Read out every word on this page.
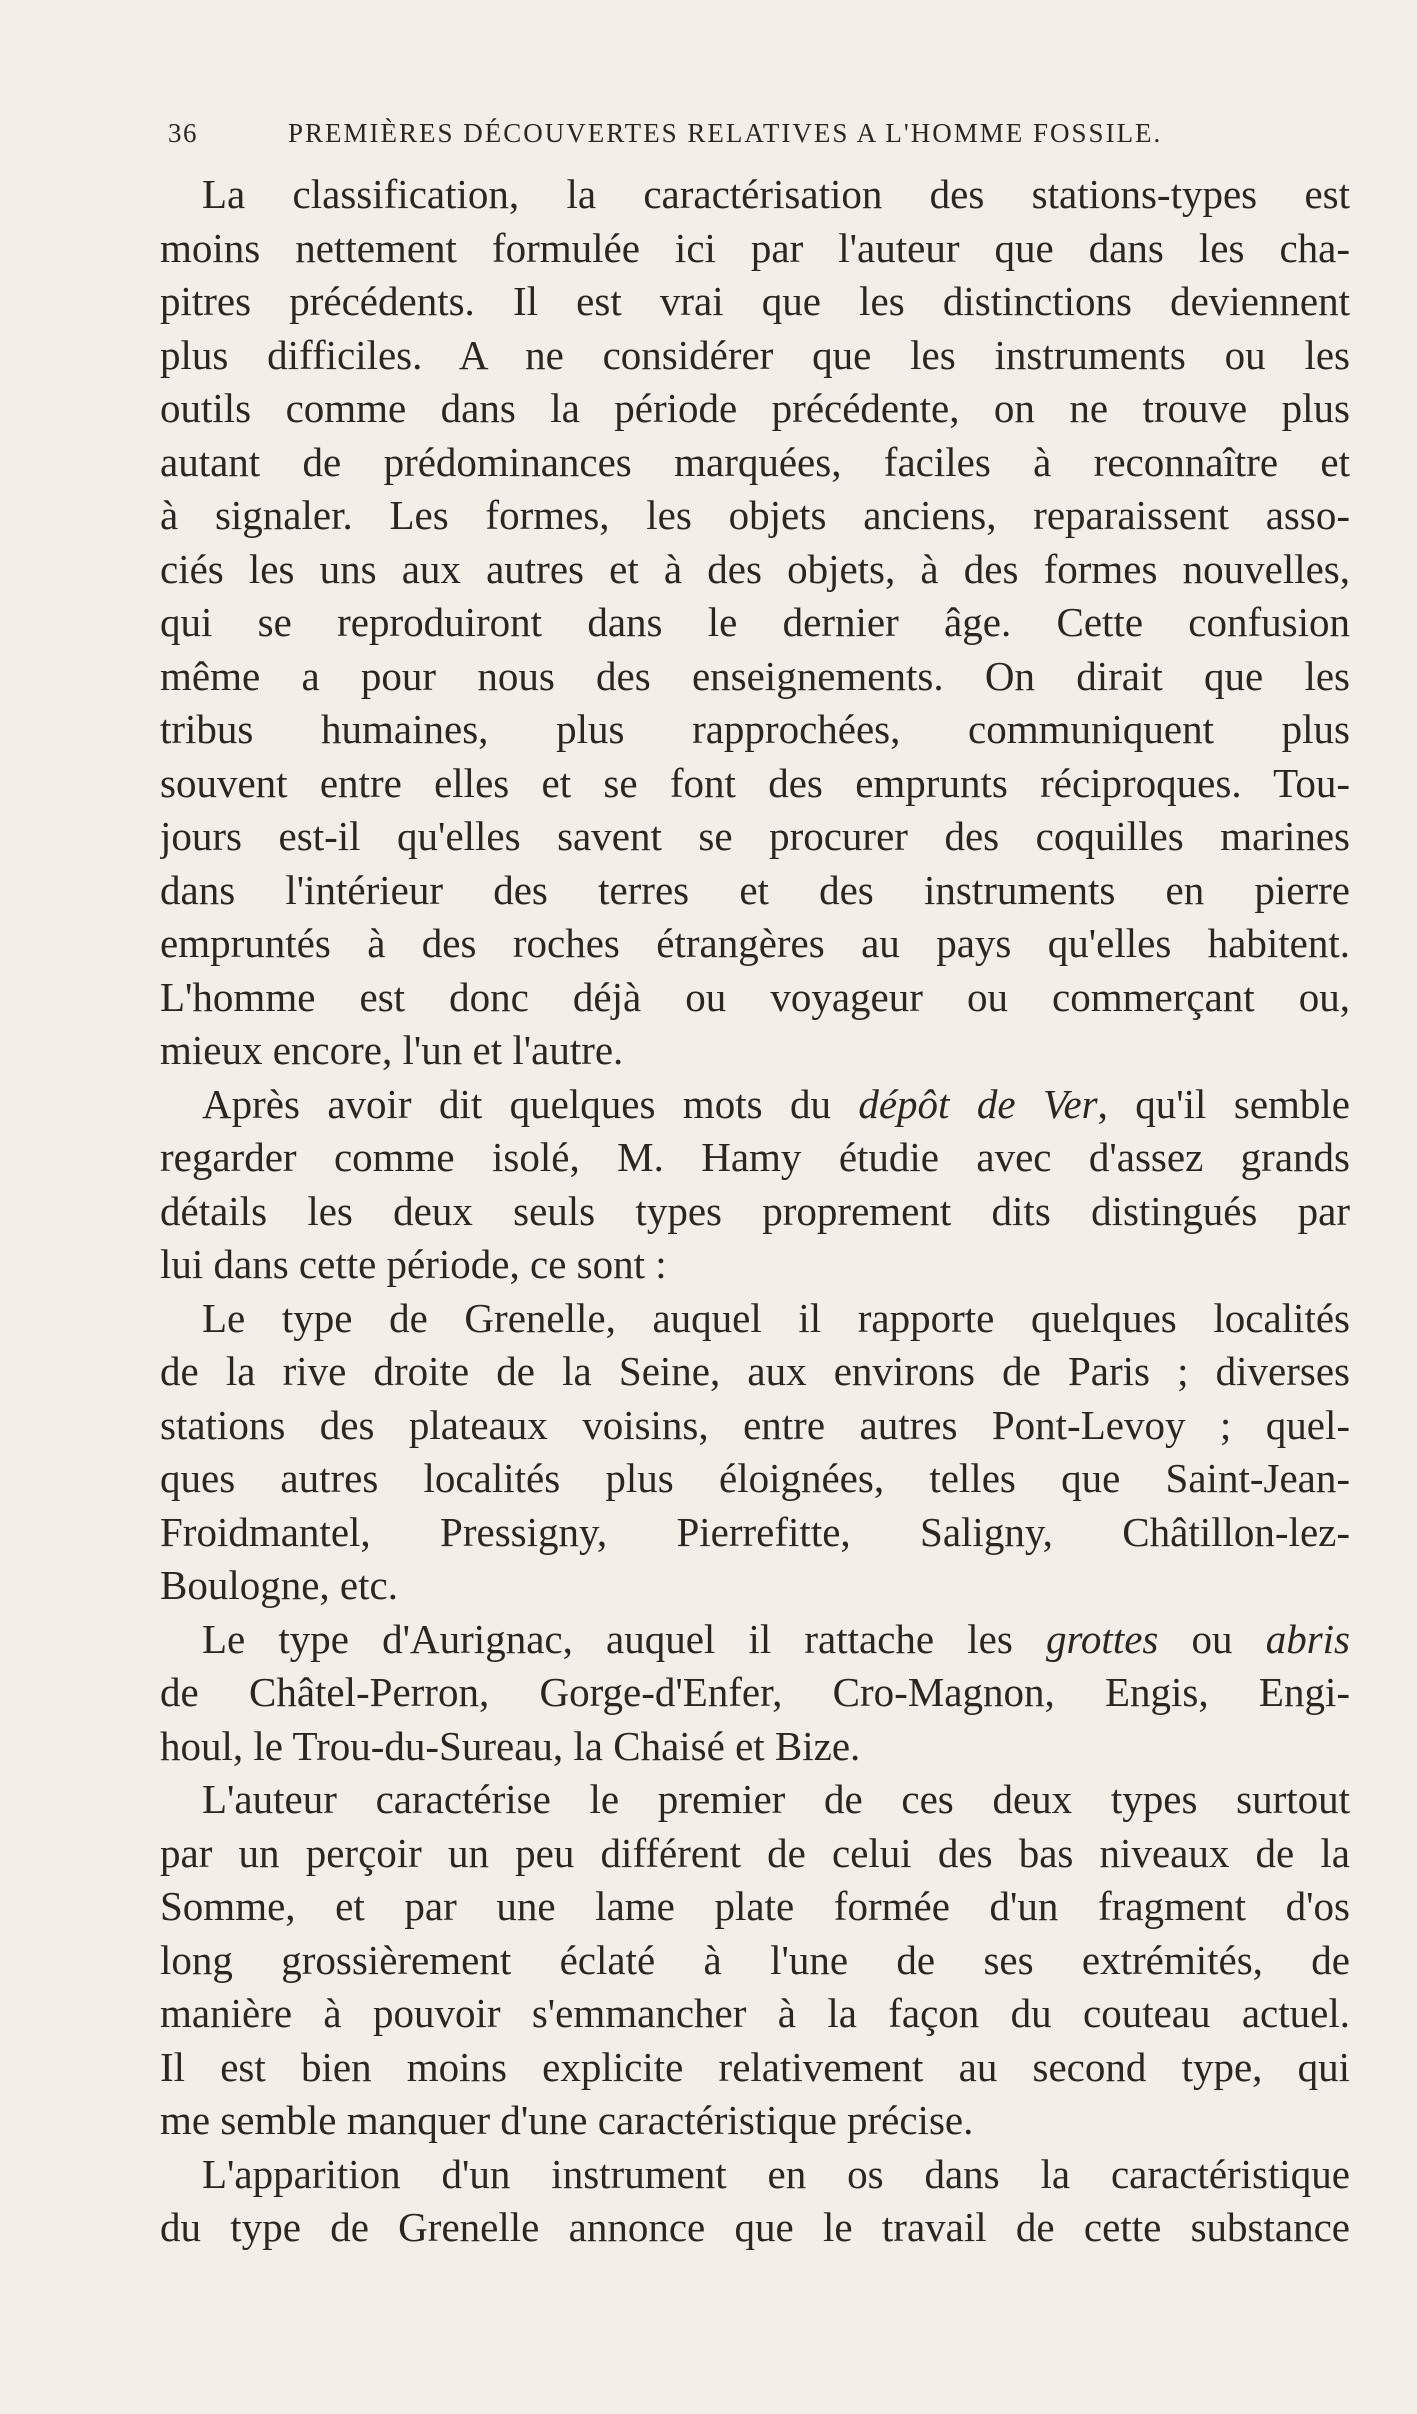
36	PREMIÈRES DÉCOUVERTES RELATIVES A L'HOMME FOSSILE.
La classification, la caractérisation des stations-types est
moins nettement formulée ici par l'auteur que dans les cha-
pitres précédents. Il est vrai que les distinctions deviennent
plus difficiles. A ne considérer que les instruments ou les
outils comme dans la période précédente, on ne trouve plus
autant de prédominances marquées, faciles à reconnaître et
à signaler. Les formes, les objets anciens, reparaissent asso-
ciés les uns aux autres et à des objets, à des formes nouvelles,
qui se reproduiront dans le dernier âge. Cette confusion
même a pour nous des enseignements. On dirait que les
tribus humaines, plus rapprochées, communiquent plus
souvent entre elles et se font des emprunts réciproques. Tou-
jours est-il qu'elles savent se procurer des coquilles marines
dans l'intérieur des terres et des instruments en pierre
empruntés à des roches étrangères au pays qu'elles habitent.
L'homme est donc déjà ou voyageur ou commerçant ou,
mieux encore, l'un et l'autre.
Après avoir dit quelques mots du dépôt de Ver, qu'il semble
regarder comme isolé, M. Hamy étudie avec d'assez grands
détails les deux seuls types proprement dits distingués par
lui dans cette période, ce sont :
Le type de Grenelle, auquel il rapporte quelques localités
de la rive droite de la Seine, aux environs de Paris ; diverses
stations des plateaux voisins, entre autres Pont-Levoy ; quel-
ques autres localités plus éloignées, telles que Saint-Jean-
Froidmantel, Pressigny, Pierrefitte, Saligny, Châtillon-lez-
Boulogne, etc.
Le type d'Aurignac, auquel il rattache les grottes ou abris
de Châtel-Perron, Gorge-d'Enfer, Cro-Magnon, Engis, Engi-
houl, le Trou-du-Sureau, la Chaisé et Bize.
L'auteur caractérise le premier de ces deux types surtout
par un perçoir un peu différent de celui des bas niveaux de la
Somme, et par une lame plate formée d'un fragment d'os
long grossièrement éclaté à l'une de ses extrémités, de
manière à pouvoir s'emmancher à la façon du couteau actuel.
Il est bien moins explicite relativement au second type, qui
me semble manquer d'une caractéristique précise.
L'apparition d'un instrument en os dans la caractéristique
du type de Grenelle annonce que le travail de cette substance
